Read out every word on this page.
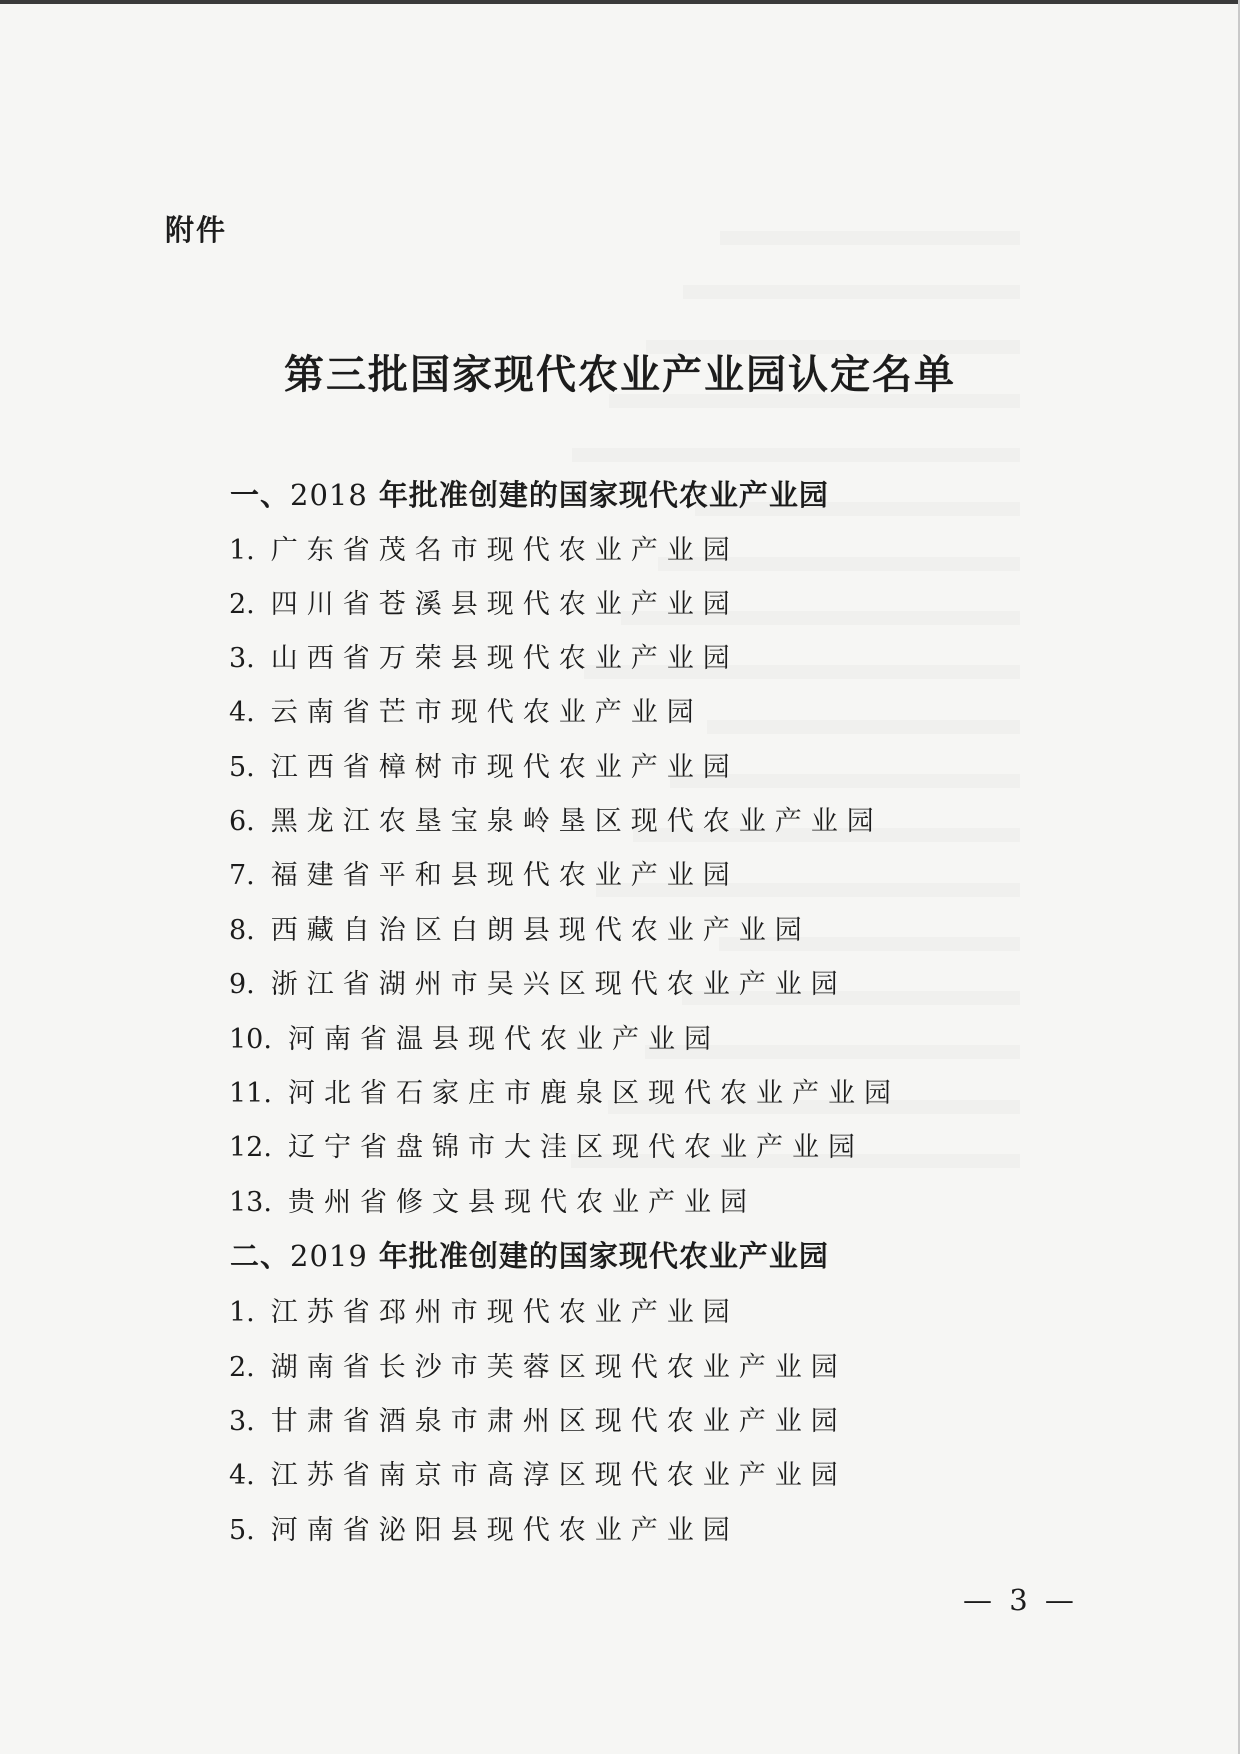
附件
第三批国家现代农业产业园认定名单
一、2018 年批准创建的国家现代农业产业园
1. 广东省茂名市现代农业产业园
2. 四川省苍溪县现代农业产业园
3. 山西省万荣县现代农业产业园
4. 云南省芒市现代农业产业园
5. 江西省樟树市现代农业产业园
6. 黑龙江农垦宝泉岭垦区现代农业产业园
7. 福建省平和县现代农业产业园
8. 西藏自治区白朗县现代农业产业园
9. 浙江省湖州市吴兴区现代农业产业园
10. 河南省温县现代农业产业园
11. 河北省石家庄市鹿泉区现代农业产业园
12. 辽宁省盘锦市大洼区现代农业产业园
13. 贵州省修文县现代农业产业园
二、2019 年批准创建的国家现代农业产业园
1. 江苏省邳州市现代农业产业园
2. 湖南省长沙市芙蓉区现代农业产业园
3. 甘肃省酒泉市肃州区现代农业产业园
4. 江苏省南京市高淳区现代农业产业园
5. 河南省泌阳县现代农业产业园
— 3 —
